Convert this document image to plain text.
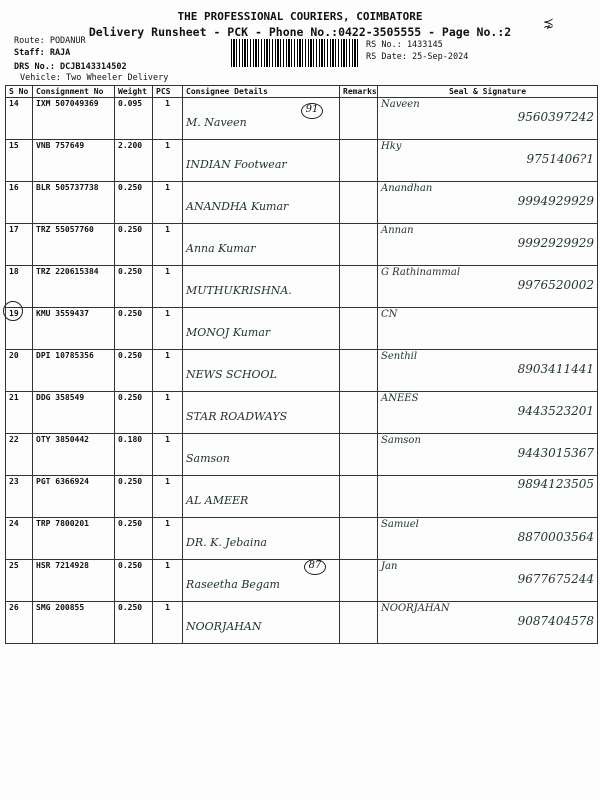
THE PROFESSIONAL COURIERS, COIMBATORE
Delivery Runsheet - PCK - Phone No.:0422-3505555 - Page No.:2
⋨
Route: PODANUR
Staff: RAJA
DRS No.: DCJB143314502
Vehicle: Two Wheeler Delivery
RS No.: 1433145
RS Date: 25-Sep-2024
S No	Consignment No	Weight	PCS	Consignee Details	Remarks	Seal & Signature
14	IXM 507049369	0.095	1	M. Naveen		Naveen
9560397242

15	VNB 757649	2.200	1	INDIAN Footwear		Hky
9751406?1

16	BLR 505737738	0.250	1	ANANDHA Kumar		Anandhan
9994929929

17	TRZ 55057760	0.250	1	Anna Kumar		Annan
9992929929

18	TRZ 220615384	0.250	1	MUTHUKRISHNA.		G Rathinammal
9976520002

19	KMU 3559437	0.250	1	MONOJ Kumar		CN

20	DPI 10785356	0.250	1	NEWS SCHOOL		Senthil
8903411441

21	DDG 358549	0.250	1	STAR ROADWAYS		ANEES
9443523201

22	OTY 3850442	0.180	1	Samson		Samson
9443015367

23	PGT 6366924	0.250	1	AL AMEER		9894123505

24	TRP 7800201	0.250	1	DR. K. Jebaina		Samuel
8870003564

25	HSR 7214928	0.250	1	Raseetha Begam		Jan
9677675244

26	SMG 200855	0.250	1	NOORJAHAN		NOORJAHAN
9087404578
91
87
